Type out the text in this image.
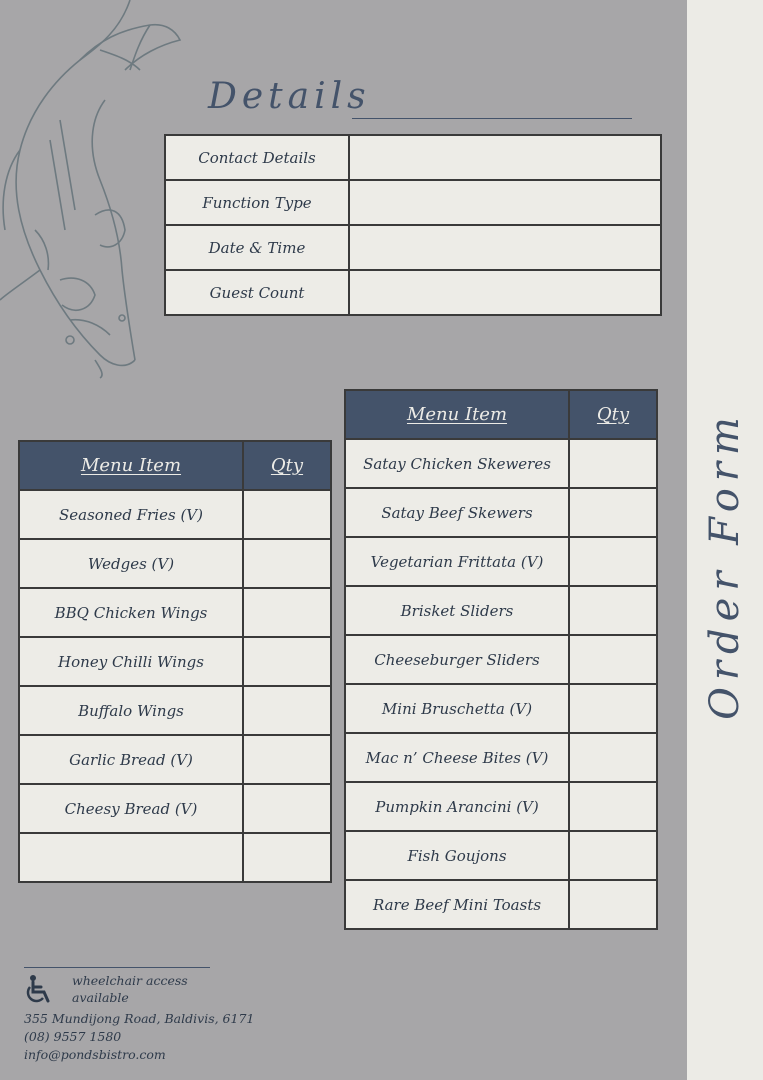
Order Form
Details
Contact Details	
Function Type	
Date & Time	
Guest Count	
Menu Item	Qty
Seasoned Fries (V)	
Wedges (V)	
BBQ Chicken Wings	
Honey Chilli Wings	
Buffalo Wings	
Garlic Bread (V)	
Cheesy Bread (V)	

Menu Item	Qty
Satay Chicken Skeweres	
Satay Beef Skewers	
Vegetarian Frittata (V)	
Brisket Sliders	
Cheeseburger Sliders	
Mini Bruschetta (V)	
Mac n’ Cheese Bites (V)	
Pumpkin Arancini (V)	
Fish Goujons	
Rare Beef Mini Toasts	
wheelchair access
available
355 Mundijong Road, Baldivis, 6171
(08) 9557 1580
info@pondsbistro.com
